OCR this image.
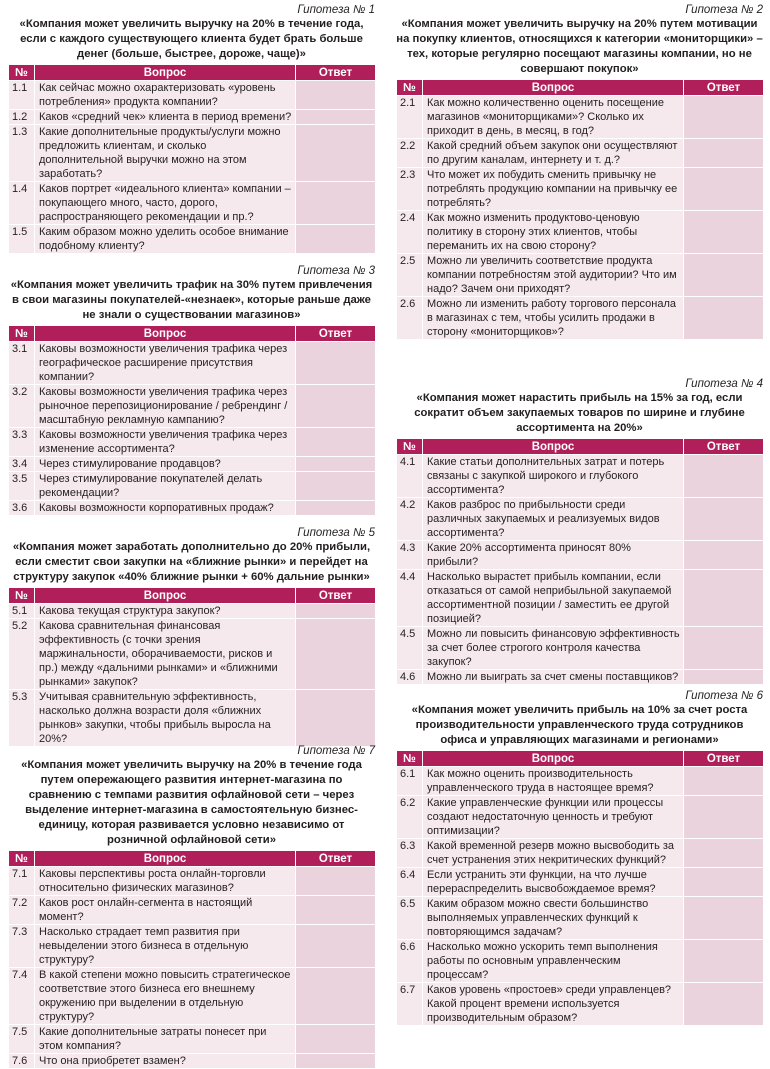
Гипотеза № 1
«Компания может увеличить выручку на 20% в течение года, если с каждого существующего клиента будет брать больше денег (больше, быстрее, дороже, чаще)»
№	Вопрос	Ответ
1.1	Как сейчас можно охарактеризовать «уровень потребления» продукта компании?	
1.2	Каков «средний чек» клиента в период времени?	
1.3	Какие дополнительные продукты/услуги можно предложить клиентам, и сколько дополнительной выручки можно на этом заработать?	
1.4	Каков портрет «идеального клиента» компании – покупающего много, часто, дорого, распространяющего рекомендации и пр.?	
1.5	Каким образом можно уделить особое внимание подобному клиенту?	
Гипотеза № 3
«Компания может увеличить трафик на 30% путем привлечения в свои магазины покупателей-«незнаек», которые раньше даже не знали о существовании магазинов»
№	Вопрос	Ответ
3.1	Каковы возможности увеличения трафика через географическое расширение присутствия компании?	
3.2	Каковы возможности увеличения трафика через рыночное перепозиционирование / ребрендинг / масштабную рекламную кампанию?	
3.3	Каковы возможности увеличения трафика через изменение ассортимента?	
3.4	Через стимулирование продавцов?	
3.5	Через стимулирование покупателей делать рекомендации?	
3.6	Каковы возможности корпоративных продаж?	
Гипотеза № 5
«Компания может заработать дополнительно до 20% прибыли, если сместит свои закупки на «ближние рынки» и перейдет на структуру закупок «40% ближние рынки + 60% дальние рынки»
№	Вопрос	Ответ
5.1	Какова текущая структура закупок?	
5.2	Какова сравнительная финансовая эффективность (с точки зрения маржинальности, оборачиваемости, рисков и пр.) между «дальними рынками» и «ближними рынками» закупок?	
5.3	Учитывая сравнительную эффективность, насколько должна возрасти доля «ближних рынков» закупки, чтобы прибыль выросла на 20%?	
Гипотеза № 7
«Компания может увеличить выручку на 20% в течение года путем опережающего развития интернет-магазина по сравнению с темпами развития офлайновой сети – через выделение интернет-магазина в самостоятельную бизнес-единицу, которая развивается условно независимо от розничной офлайновой сети»
№	Вопрос	Ответ
7.1	Каковы перспективы роста онлайн-торговли относительно физических магазинов?	
7.2	Каков рост онлайн-сегмента в настоящий момент?	
7.3	Насколько страдает темп развития при невыделении этого бизнеса в отдельную структуру?	
7.4	В какой степени можно повысить стратегическое соответствие этого бизнеса его внешнему окружению при выделении в отдельную структуру?	
7.5	Какие дополнительные затраты понесет при этом компания?	
7.6	Что она приобретет взамен?	
Гипотеза № 2
«Компания может увеличить выручку на 20% путем мотивации на покупку клиентов, относящихся к категории «мониторщики» – тех, которые регулярно посещают магазины компании, но не совершают покупок»
№	Вопрос	Ответ
2.1	Как можно количественно оценить посещение магазинов «мониторщиками»? Сколько их приходит в день, в месяц, в год?	
2.2	Какой средний объем закупок они осуществляют по другим каналам, интернету и т. д.?	
2.3	Что может их побудить сменить привычку не потреблять продукцию компании на привычку ее потреблять?	
2.4	Как можно изменить продуктово-ценовую политику в сторону этих клиентов, чтобы переманить их на свою сторону?	
2.5	Можно ли увеличить соответствие продукта компании потребностям этой аудитории? Что им надо? Зачем они приходят?	
2.6	Можно ли изменить работу торгового персонала в магазинах с тем, чтобы усилить продажи в сторону «мониторщиков»?	
Гипотеза № 4
«Компания может нарастить прибыль на 15% за год, если сократит объем закупаемых товаров по ширине и глубине ассортимента на 20%»
№	Вопрос	Ответ
4.1	Какие статьи дополнительных затрат и потерь связаны с закупкой широкого и глубокого ассортимента?	
4.2	Каков разброс по прибыльности среди различных закупаемых и реализуемых видов ассортимента?	
4.3	Какие 20% ассортимента приносят 80% прибыли?	
4.4	Насколько вырастет прибыль компании, если отказаться от самой неприбыльной закупаемой ассортиментной позиции / заместить ее другой позицией?	
4.5	Можно ли повысить финансовую эффективность за счет более строгого контроля качества закупок?	
4.6	Можно ли выиграть за счет смены поставщиков?	
Гипотеза № 6
«Компания может увеличить прибыль на 10% за счет роста производительности управленческого труда сотрудников офиса и управляющих магазинами и регионами»
№	Вопрос	Ответ
6.1	Как можно оценить производительность управленческого труда в настоящее время?	
6.2	Какие управленческие функции или процессы создают недостаточную ценность и требуют оптимизации?	
6.3	Какой временной резерв можно высвободить за счет устранения этих некритических функций?	
6.4	Если устранить эти функции, на что лучше перераспределить высвобождаемое время?	
6.5	Каким образом можно свести большинство выполняемых управленческих функций к повторяющимся задачам?	
6.6	Насколько можно ускорить темп выполнения работы по основным управленческим процессам?	
6.7	Каков уровень «простоев» среди управленцев? Какой процент времени используется производительным образом?	
